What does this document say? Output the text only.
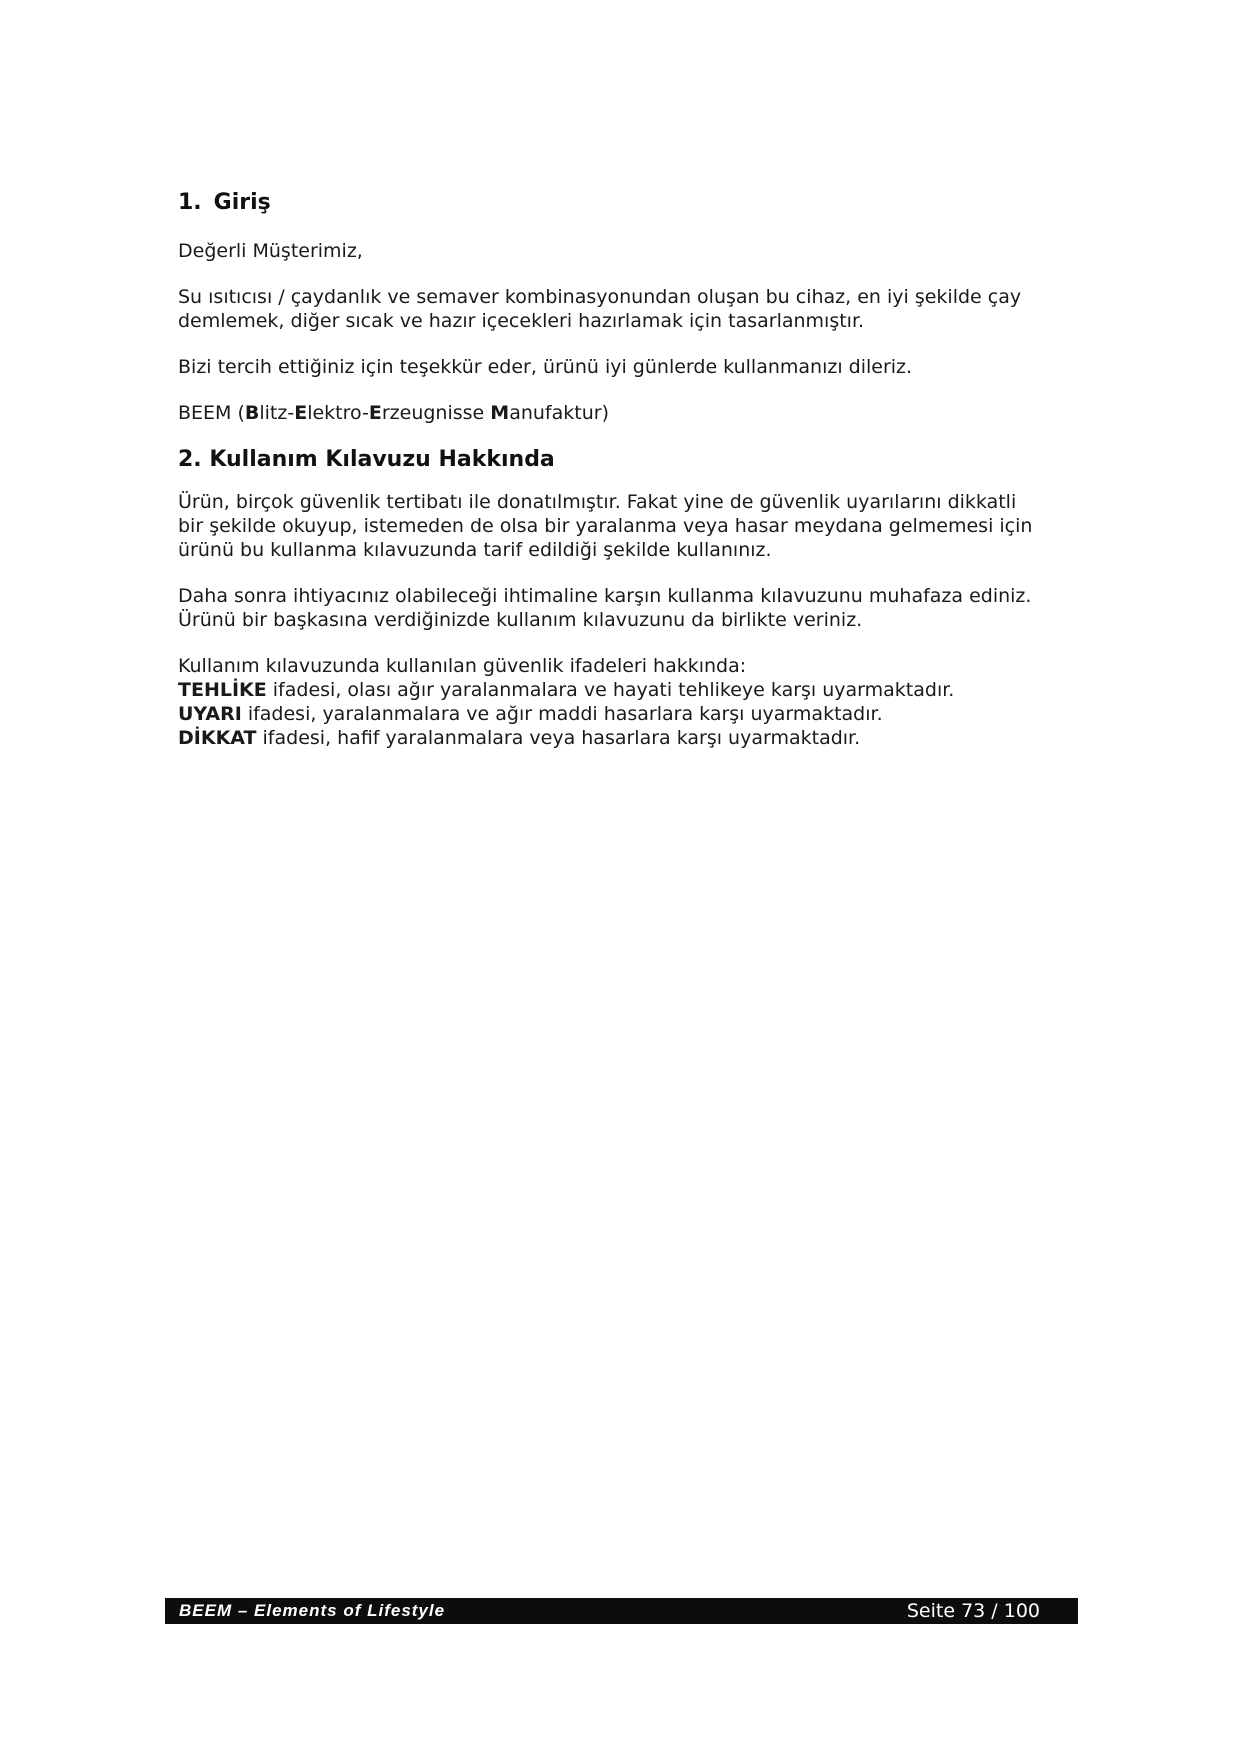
1. Giriş

Değerli Müşterimiz,

Su ısıtıcısı / çaydanlık ve semaver kombinasyonundan oluşan bu cihaz, en iyi şekilde çay
demlemek, diğer sıcak ve hazır içecekleri hazırlamak için tasarlanmıştır.

Bizi tercih ettiğiniz için teşekkür eder, ürünü iyi günlerde kullanmanızı dileriz.

BEEM (Blitz-Elektro-Erzeugnisse Manufaktur)

2. Kullanım Kılavuzu Hakkında

Ürün, birçok güvenlik tertibatı ile donatılmıştır. Fakat yine de güvenlik uyarılarını dikkatli
bir şekilde okuyup, istemeden de olsa bir yaralanma veya hasar meydana gelmemesi için
ürünü bu kullanma kılavuzunda tarif edildiği şekilde kullanınız.

Daha sonra ihtiyacınız olabileceği ihtimaline karşın kullanma kılavuzunu muhafaza ediniz.
Ürünü bir başkasına verdiğinizde kullanım kılavuzunu da birlikte veriniz.

Kullanım kılavuzunda kullanılan güvenlik ifadeleri hakkında:
TEHLİKE ifadesi, olası ağır yaralanmalara ve hayati tehlikeye karşı uyarmaktadır.
UYARI ifadesi, yaralanmalara ve ağır maddi hasarlara karşı uyarmaktadır.
DİKKAT ifadesi, hafif yaralanmalara veya hasarlara karşı uyarmaktadır.

BEEM – Elements of Lifestyle	Seite 73 / 100
